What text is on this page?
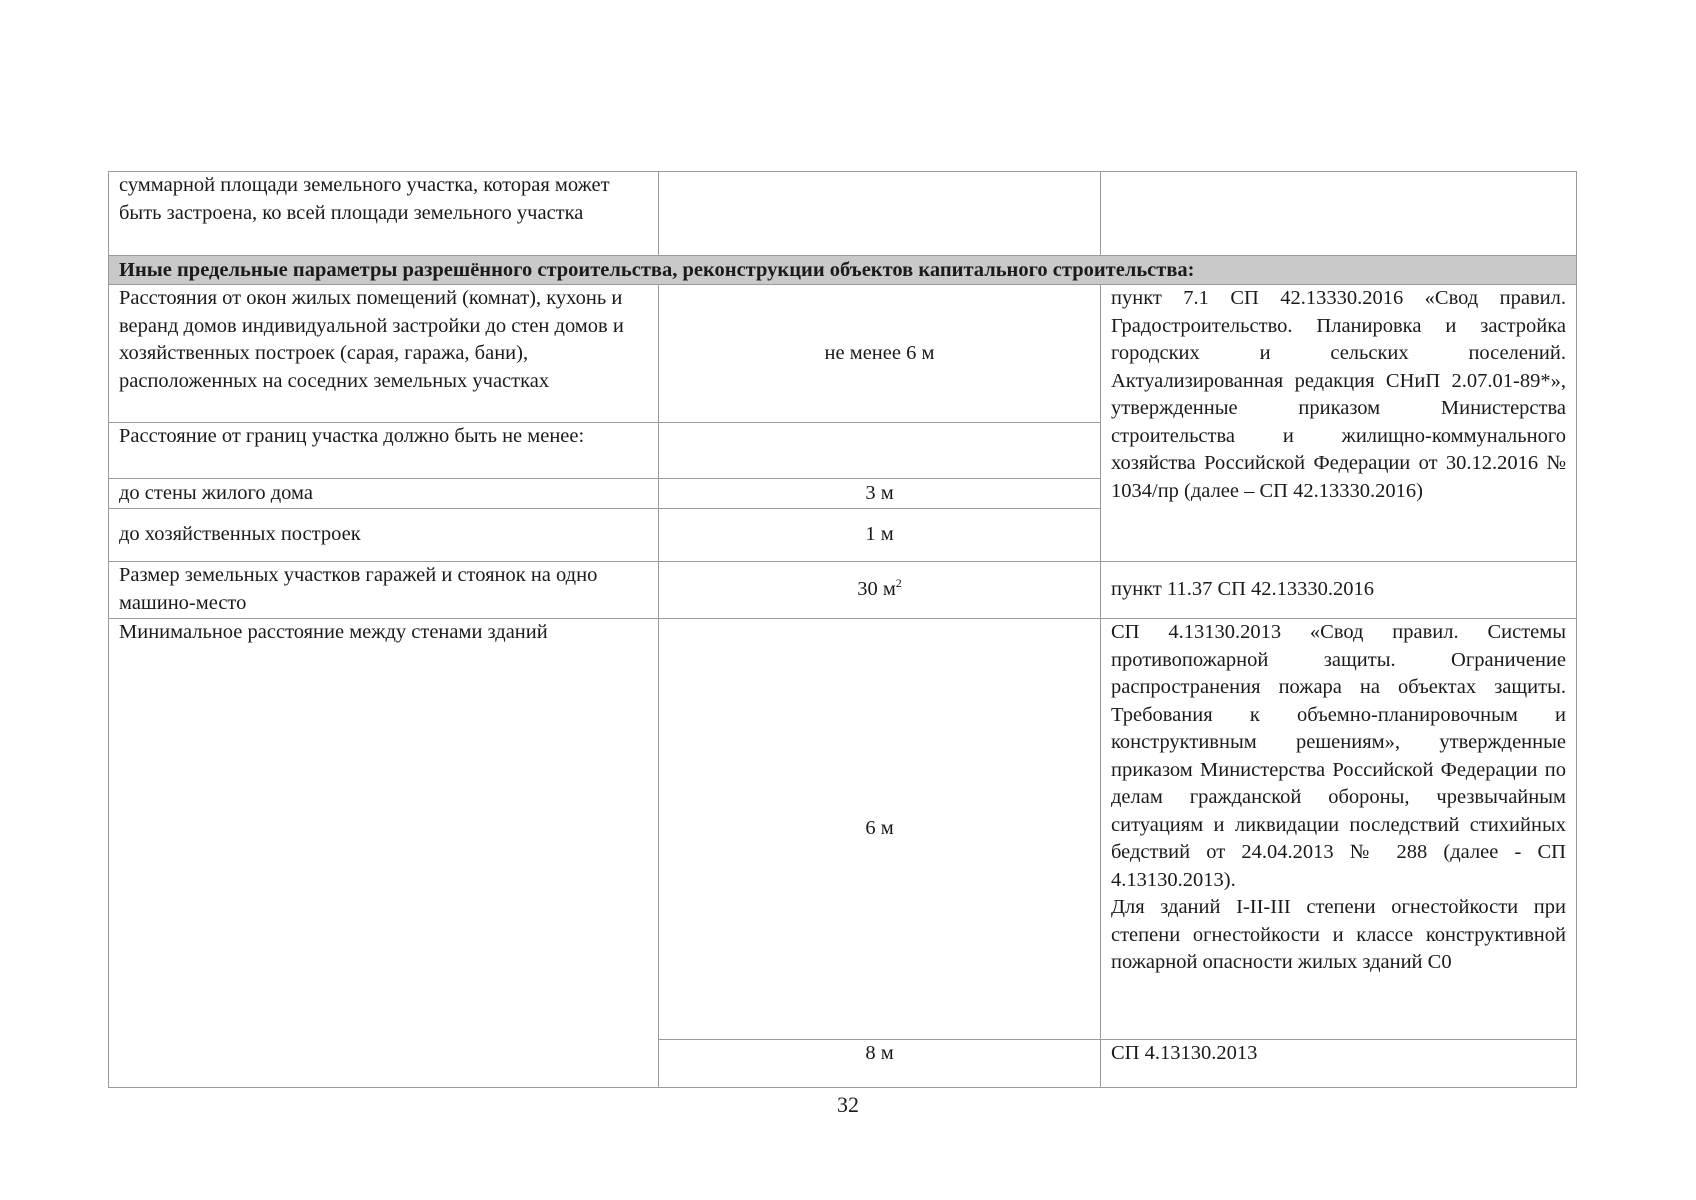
суммарной площади земельного участка, которая может быть застроена, ко всей площади земельного участка		
Иные предельные параметры разрешённого строительства, реконструкции объектов капитального строительства:		
Расстояния от окон жилых помещений (комнат), кухонь и веранд домов индивидуальной застройки до стен домов и хозяйственных построек (сарая, гаража, бани), расположенных на соседних земельных участках	не менее 6 м	пункт 7.1 СП 42.13330.2016 «Свод правил. Градостроительство. Планировка и застройка городских и сельских поселений. Актуализированная редакция СНиП 2.07.01-89*», утвержденные приказом Министерства строительства и жилищно-коммунального хозяйства Российской Федерации от 30.12.2016 № 1034/пр (далее – СП 42.13330.2016)
Расстояние от границ участка должно быть не менее:		
до стены жилого дома	3 м	
до хозяйственных построек	1 м	
Размер земельных участков гаражей и стоянок на одно машино-место	30 $м^2$	пункт 11.37 СП 42.13330.2016
Минимальное расстояние между стенами зданий	6 м	СП 4.13130.2013 «Свод правил. Системы противопожарной защиты. Ограничение распространения пожара на объектах защиты. Требования к объемно-планировочным и конструктивным решениям», утвержденные приказом Министерства Российской Федерации по делам гражданской обороны, чрезвычайным ситуациям и ликвидации последствий стихийных бедствий от 24.04.2013 № 288 (далее - СП 4.13130.2013).
Для зданий I-II-III степени огнестойкости при степени огнестойкости и классе конструктивной пожарной опасности жилых зданий С0

	8 м	СП 4.13130.2013
32
